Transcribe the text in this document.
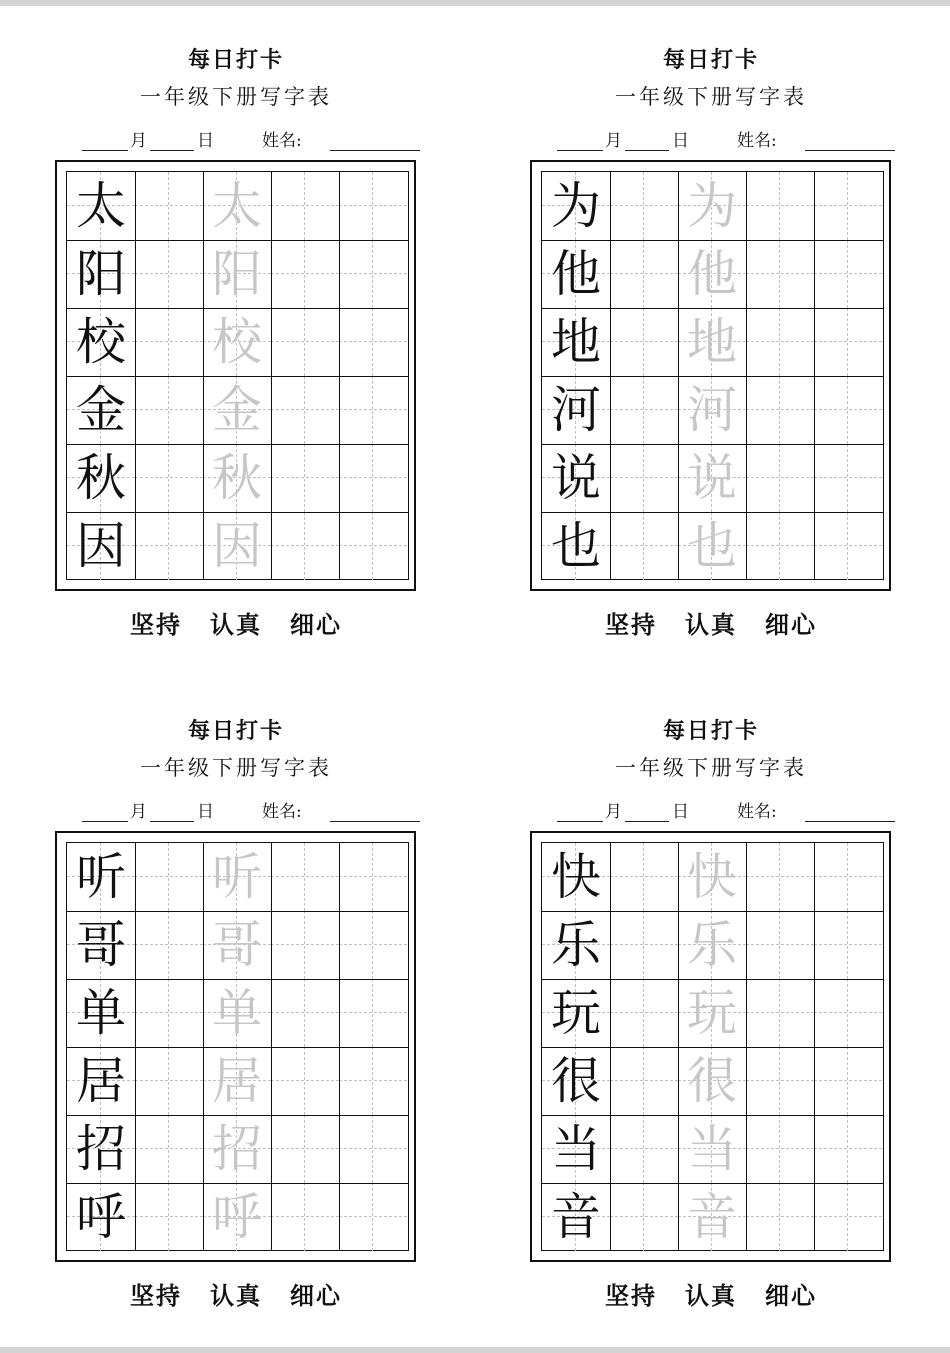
每日打卡
一年级下册写字表
月	日	姓名:
太 太
阳 阳
校 校
金 金
秋 秋
因 因
坚持 认真 细心
每日打卡
一年级下册写字表
月	日	姓名:
为 为
他 他
地 地
河 河
说 说
也 也
坚持 认真 细心
每日打卡
一年级下册写字表
月	日	姓名:
听 听
哥 哥
单 单
居 居
招 招
呼 呼
坚持 认真 细心
每日打卡
一年级下册写字表
月	日	姓名:
快 快
乐 乐
玩 玩
很 很
当 当
音 音
坚持 认真 细心
